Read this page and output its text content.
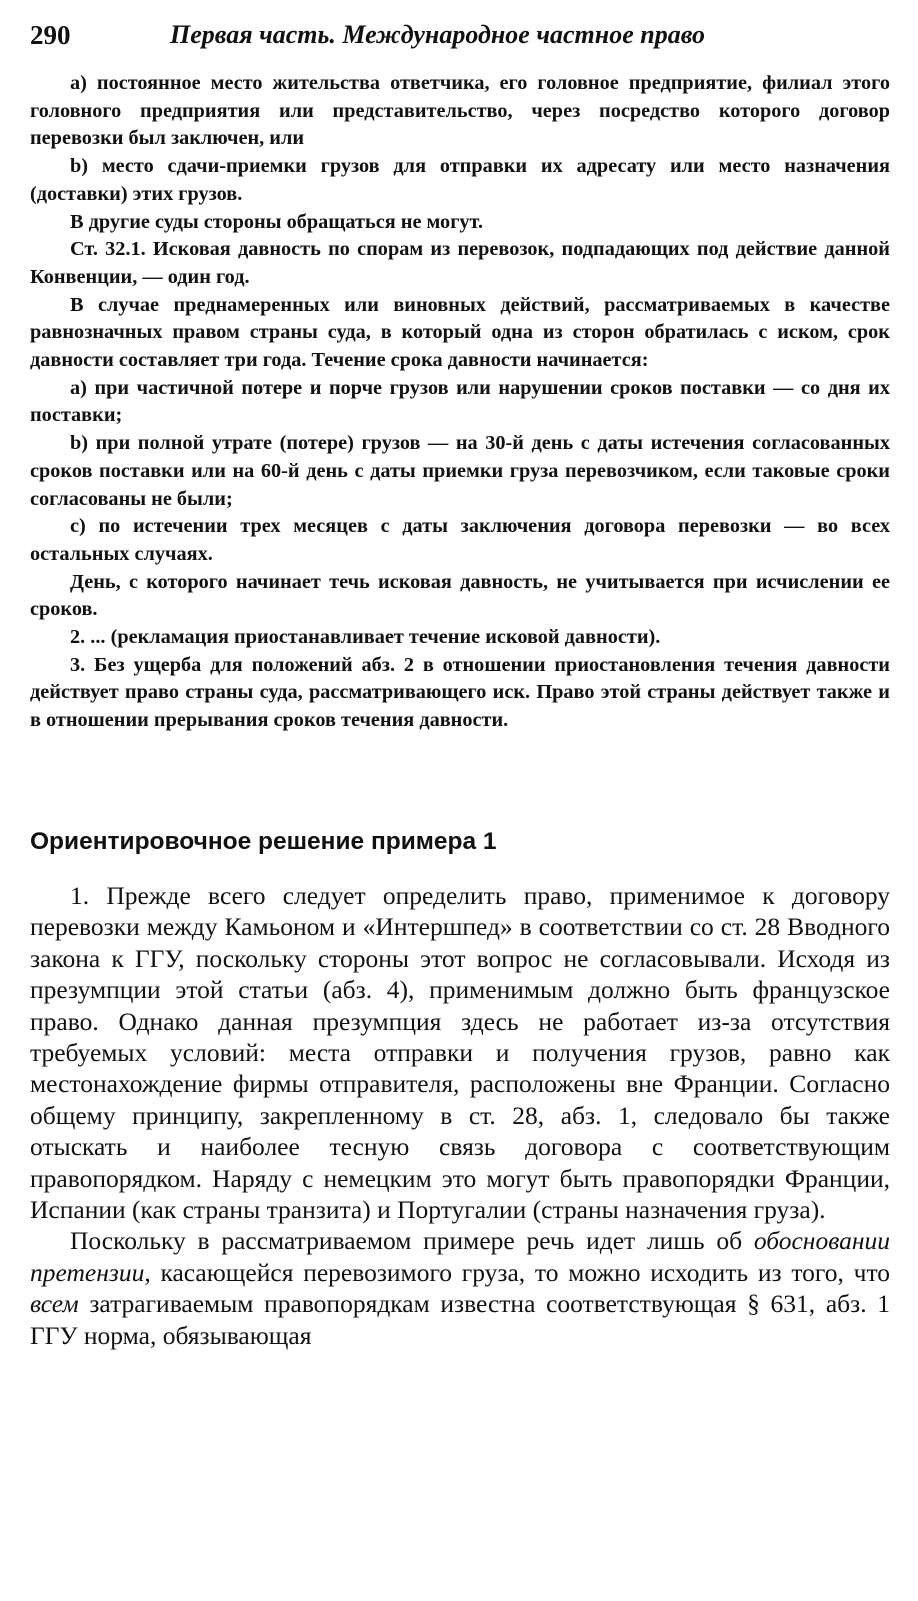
290	Первая часть. Международное частное право

а) постоянное место жительства ответчика, его головное предприятие, филиал этого головного предприятия или представительство, через посредство которого договор перевозки был заключен, или

b) место сдачи-приемки грузов для отправки их адресату или место назначения (доставки) этих грузов.

В другие суды стороны обращаться не могут.

Ст. 32.1. Исковая давность по спорам из перевозок, подпадающих под действие данной Конвенции, — один год.

В случае преднамеренных или виновных действий, рассматриваемых в качестве равнозначных правом страны суда, в который одна из сторон обратилась с иском, срок давности составляет три года. Течение срока давности начинается:

а) при частичной потере и порче грузов или нарушении сроков поставки — со дня их поставки;

b) при полной утрате (потере) грузов — на 30-й день с даты истечения согласованных сроков поставки или на 60-й день с даты приемки груза перевозчиком, если таковые сроки согласованы не были;

с) по истечении трех месяцев с даты заключения договора перевозки — во всех остальных случаях.

День, с которого начинает течь исковая давность, не учитывается при исчислении ее сроков.

2. ... (рекламация приостанавливает течение исковой давности).

3. Без ущерба для положений абз. 2 в отношении приостановления течения давности действует право страны суда, рассматривающего иск. Право этой страны действует также и в отношении прерывания сроков течения давности.

Ориентировочное решение примера 1

1. Прежде всего следует определить право, применимое к договору перевозки между Камьоном и «Интершпед» в соответствии со ст. 28 Вводного закона к ГГУ, поскольку стороны этот вопрос не согласовывали. Исходя из презумпции этой статьи (абз. 4), применимым должно быть французское право. Однако данная презумпция здесь не работает из-за отсутствия требуемых условий: места отправки и получения грузов, равно как местонахождение фирмы отправителя, расположены вне Франции. Согласно общему принципу, закрепленному в ст. 28, абз. 1, следовало бы также отыскать и наиболее тесную связь договора с соответствующим правопорядком. Наряду с немецким это могут быть правопорядки Франции, Испании (как страны транзита) и Португалии (страны назначения груза).

Поскольку в рассматриваемом примере речь идет лишь об обосновании претензии, касающейся перевозимого груза, то можно исходить из того, что всем затрагиваемым правопорядкам известна соответствующая § 631, абз. 1 ГГУ норма, обязывающая
